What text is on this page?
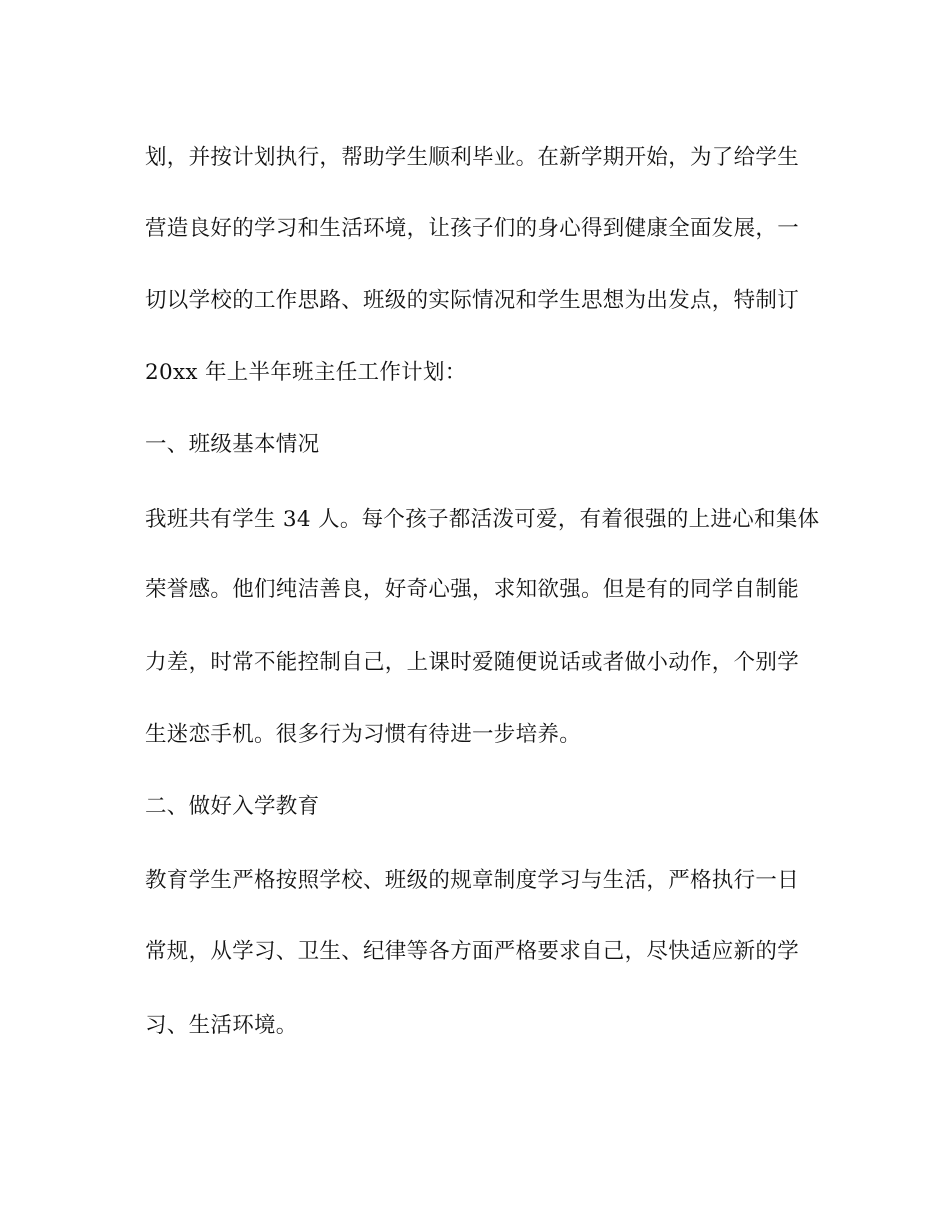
划，并按计划执行，帮助学生顺利毕业。在新学期开始，为了给学生
营造良好的学习和生活环境，让孩子们的身心得到健康全面发展，一
切以学校的工作思路、班级的实际情况和学生思想为出发点，特制订
20xx 年上半年班主任工作计划：
一、班级基本情况
我班共有学生 34 人。每个孩子都活泼可爱，有着很强的上进心和集体
荣誉感。他们纯洁善良，好奇心强，求知欲强。但是有的同学自制能
力差，时常不能控制自己，上课时爱随便说话或者做小动作，个别学
生迷恋手机。很多行为习惯有待进一步培养。
二、做好入学教育
教育学生严格按照学校、班级的规章制度学习与生活，严格执行一日
常规，从学习、卫生、纪律等各方面严格要求自己，尽快适应新的学
习、生活环境。
